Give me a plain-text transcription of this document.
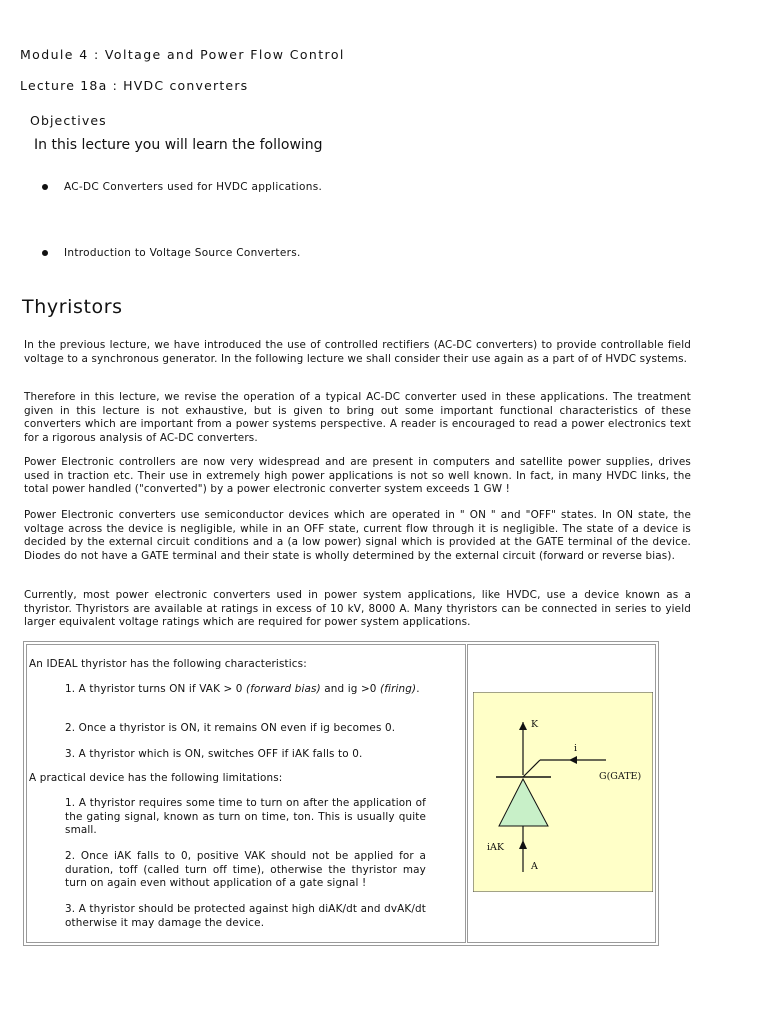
Module 4 : Voltage and Power Flow Control
Lecture 18a : HVDC converters
Objectives
In this lecture you will learn the following
AC-DC Converters used for HVDC applications.
Introduction to Voltage Source Converters.
Thyristors
In the previous lecture, we have introduced the use of controlled rectifiers (AC-DC converters) to provide controllable field voltage to a synchronous generator. In the following lecture we shall consider their use again as a part of of HVDC systems.
Therefore in this lecture, we revise the operation of a typical AC-DC converter used in these applications. The treatment given in this lecture is not exhaustive, but is given to bring out some important functional characteristics of these converters which are important from a power systems perspective. A reader is encouraged to read a power electronics text for a rigorous analysis of AC-DC converters.
Power Electronic controllers are now very widespread and are present in computers and satellite power supplies, drives used in traction etc. Their use in extremely high power applications is not so well known. In fact, in many HVDC links, the total power handled ("converted") by a power electronic converter system exceeds 1 GW !
Power Electronic converters use semiconductor devices which are operated in " ON " and "OFF" states. In ON state, the voltage across the device is negligible, while in an OFF state, current flow through it is negligible. The state of a device is decided by the external circuit conditions and a (a low power) signal which is provided at the GATE terminal of the device. Diodes do not have a GATE terminal and their state is wholly determined by the external circuit (forward or reverse bias).
Currently, most power electronic converters used in power system applications, like HVDC, use a device known as a thyristor. Thyristors are available at ratings in excess of 10 kV, 8000 A. Many thyristors can be connected in series to yield larger equivalent voltage ratings which are required for power system applications.
An IDEAL thyristor has the following characteristics:
1. A thyristor turns ON if VAK > 0 (forward bias) and ig >0 (firing).
2. Once a thyristor is ON, it remains ON even if ig becomes 0.
3. A thyristor which is ON, switches OFF if iAK falls to 0.
A practical device has the following limitations:
1. A thyristor requires some time to turn on after the application of the gating signal, known as turn on time, ton. This is usually quite small.
2. Once iAK falls to 0, positive VAK should not be applied for a duration, toff (called turn off time), otherwise the thyristor may turn on again even without application of a gate signal !
3. A thyristor should be protected against high diAK/dt and dvAK/dt otherwise it may damage the device.
K
i
G(GATE)
iAK
A
